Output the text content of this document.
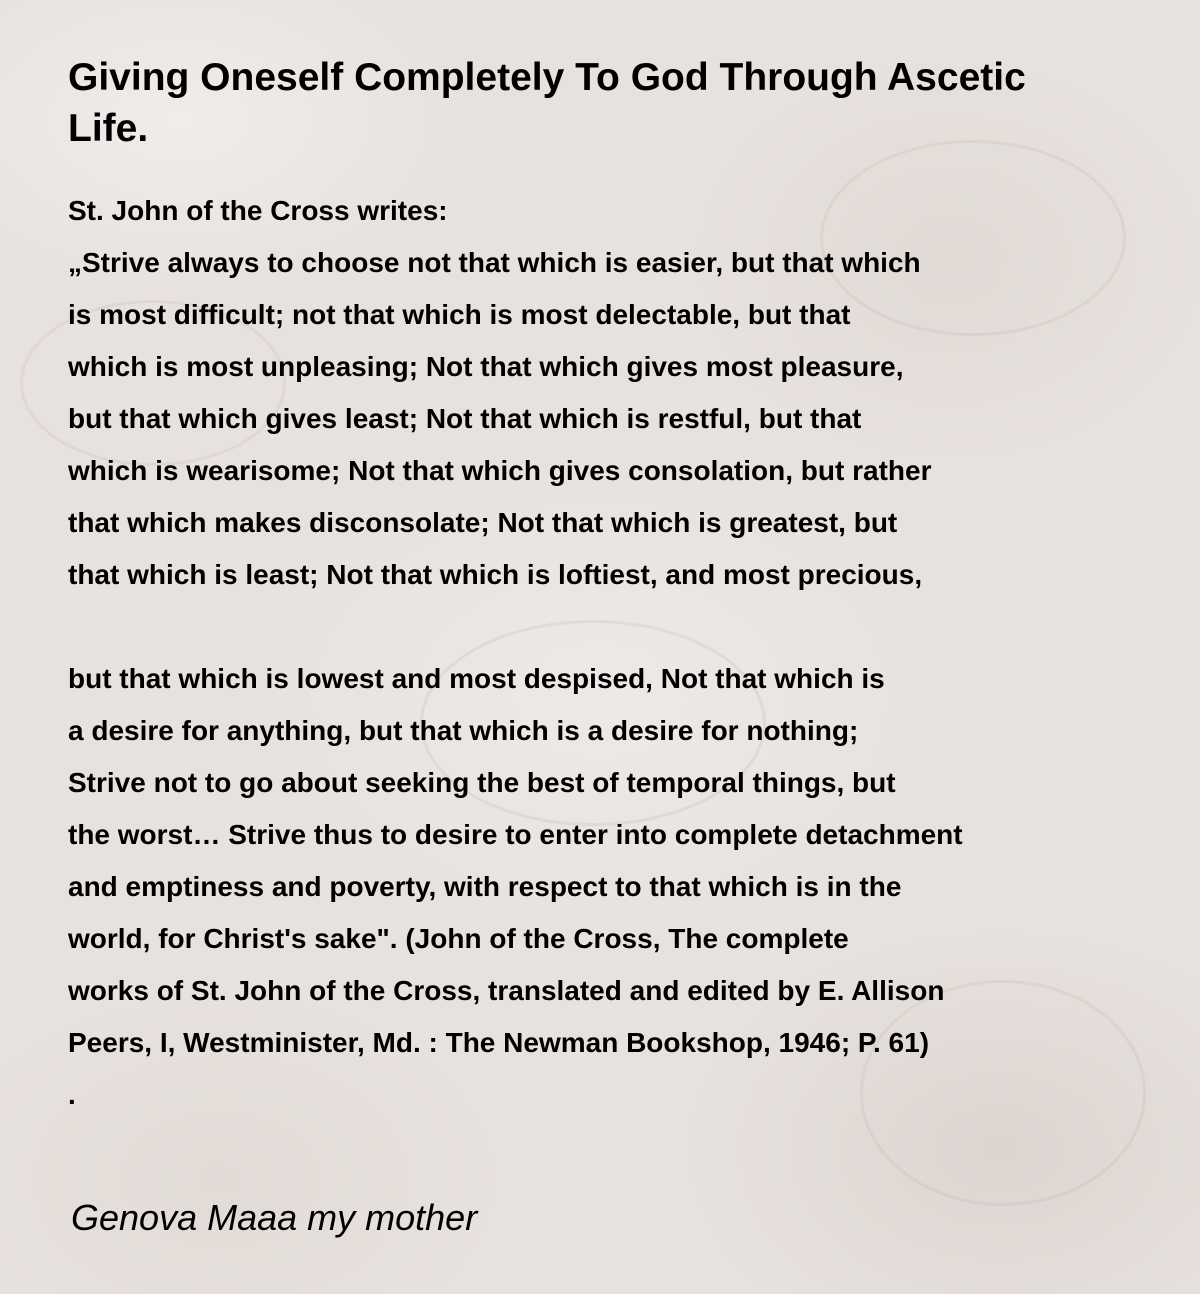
Giving Oneself Completely To God Through Ascetic
Life.

St. John of the Cross writes:
„Strive always to choose not that which is easier, but that which
is most difficult; not that which is most delectable, but that
which is most unpleasing; Not that which gives most pleasure,
but that which gives least; Not that which is restful, but that
which is wearisome; Not that which gives consolation, but rather
that which makes disconsolate; Not that which is greatest, but
that which is least; Not that which is loftiest, and most precious,

but that which is lowest and most despised, Not that which is
a desire for anything, but that which is a desire for nothing;
Strive not to go about seeking the best of temporal things, but
the worst… Strive thus to desire to enter into complete detachment
and emptiness and poverty, with respect to that which is in the
world, for Christ's sake". (John of the Cross, The complete
works of St. John of the Cross, translated and edited by E. Allison
Peers, I, Westminister, Md. : The Newman Bookshop, 1946; P. 61)
.

Genova Maaa my mother
